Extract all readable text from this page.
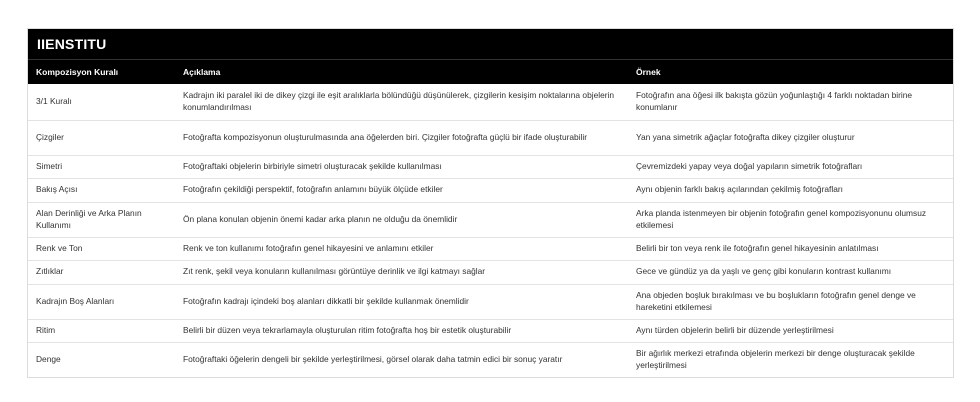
IIENSTITU
Kompozisyon Kuralı	Açıklama	Örnek
3/1 Kuralı	Kadrajın iki paralel iki de dikey çizgi ile eşit aralıklarla bölündüğü düşünülerek, çizgilerin kesişim noktalarına objelerin konumlandırılması	Fotoğrafın ana öğesi ilk bakışta gözün yoğunlaştığı 4 farklı noktadan birine konumlanır
Çizgiler	Fotoğrafta kompozisyonun oluşturulmasında ana öğelerden biri. Çizgiler fotoğrafta güçlü bir ifade oluşturabilir	Yan yana simetrik ağaçlar fotoğrafta dikey çizgiler oluşturur
Simetri	Fotoğraftaki objelerin birbiriyle simetri oluşturacak şekilde kullanılması	Çevremizdeki yapay veya doğal yapıların simetrik fotoğrafları
Bakış Açısı	Fotoğrafın çekildiği perspektif, fotoğrafın anlamını büyük ölçüde etkiler	Aynı objenin farklı bakış açılarından çekilmiş fotoğrafları
Alan Derinliği ve Arka Planın Kullanımı	Ön plana konulan objenin önemi kadar arka planın ne olduğu da önemlidir	Arka planda istenmeyen bir objenin fotoğrafın genel kompozisyonunu olumsuz etkilemesi
Renk ve Ton	Renk ve ton kullanımı fotoğrafın genel hikayesini ve anlamını etkiler	Belirli bir ton veya renk ile fotoğrafın genel hikayesinin anlatılması
Zıtlıklar	Zıt renk, şekil veya konuların kullanılması görüntüye derinlik ve ilgi katmayı sağlar	Gece ve gündüz ya da yaşlı ve genç gibi konuların kontrast kullanımı
Kadrajın Boş Alanları	Fotoğrafın kadrajı içindeki boş alanları dikkatli bir şekilde kullanmak önemlidir	Ana objeden boşluk bırakılması ve bu boşlukların fotoğrafın genel denge ve hareketini etkilemesi
Ritim	Belirli bir düzen veya tekrarlamayla oluşturulan ritim fotoğrafta hoş bir estetik oluşturabilir	Aynı türden objelerin belirli bir düzende yerleştirilmesi
Denge	Fotoğraftaki öğelerin dengeli bir şekilde yerleştirilmesi, görsel olarak daha tatmin edici bir sonuç yaratır	Bir ağırlık merkezi etrafında objelerin merkezi bir denge oluşturacak şekilde yerleştirilmesi
